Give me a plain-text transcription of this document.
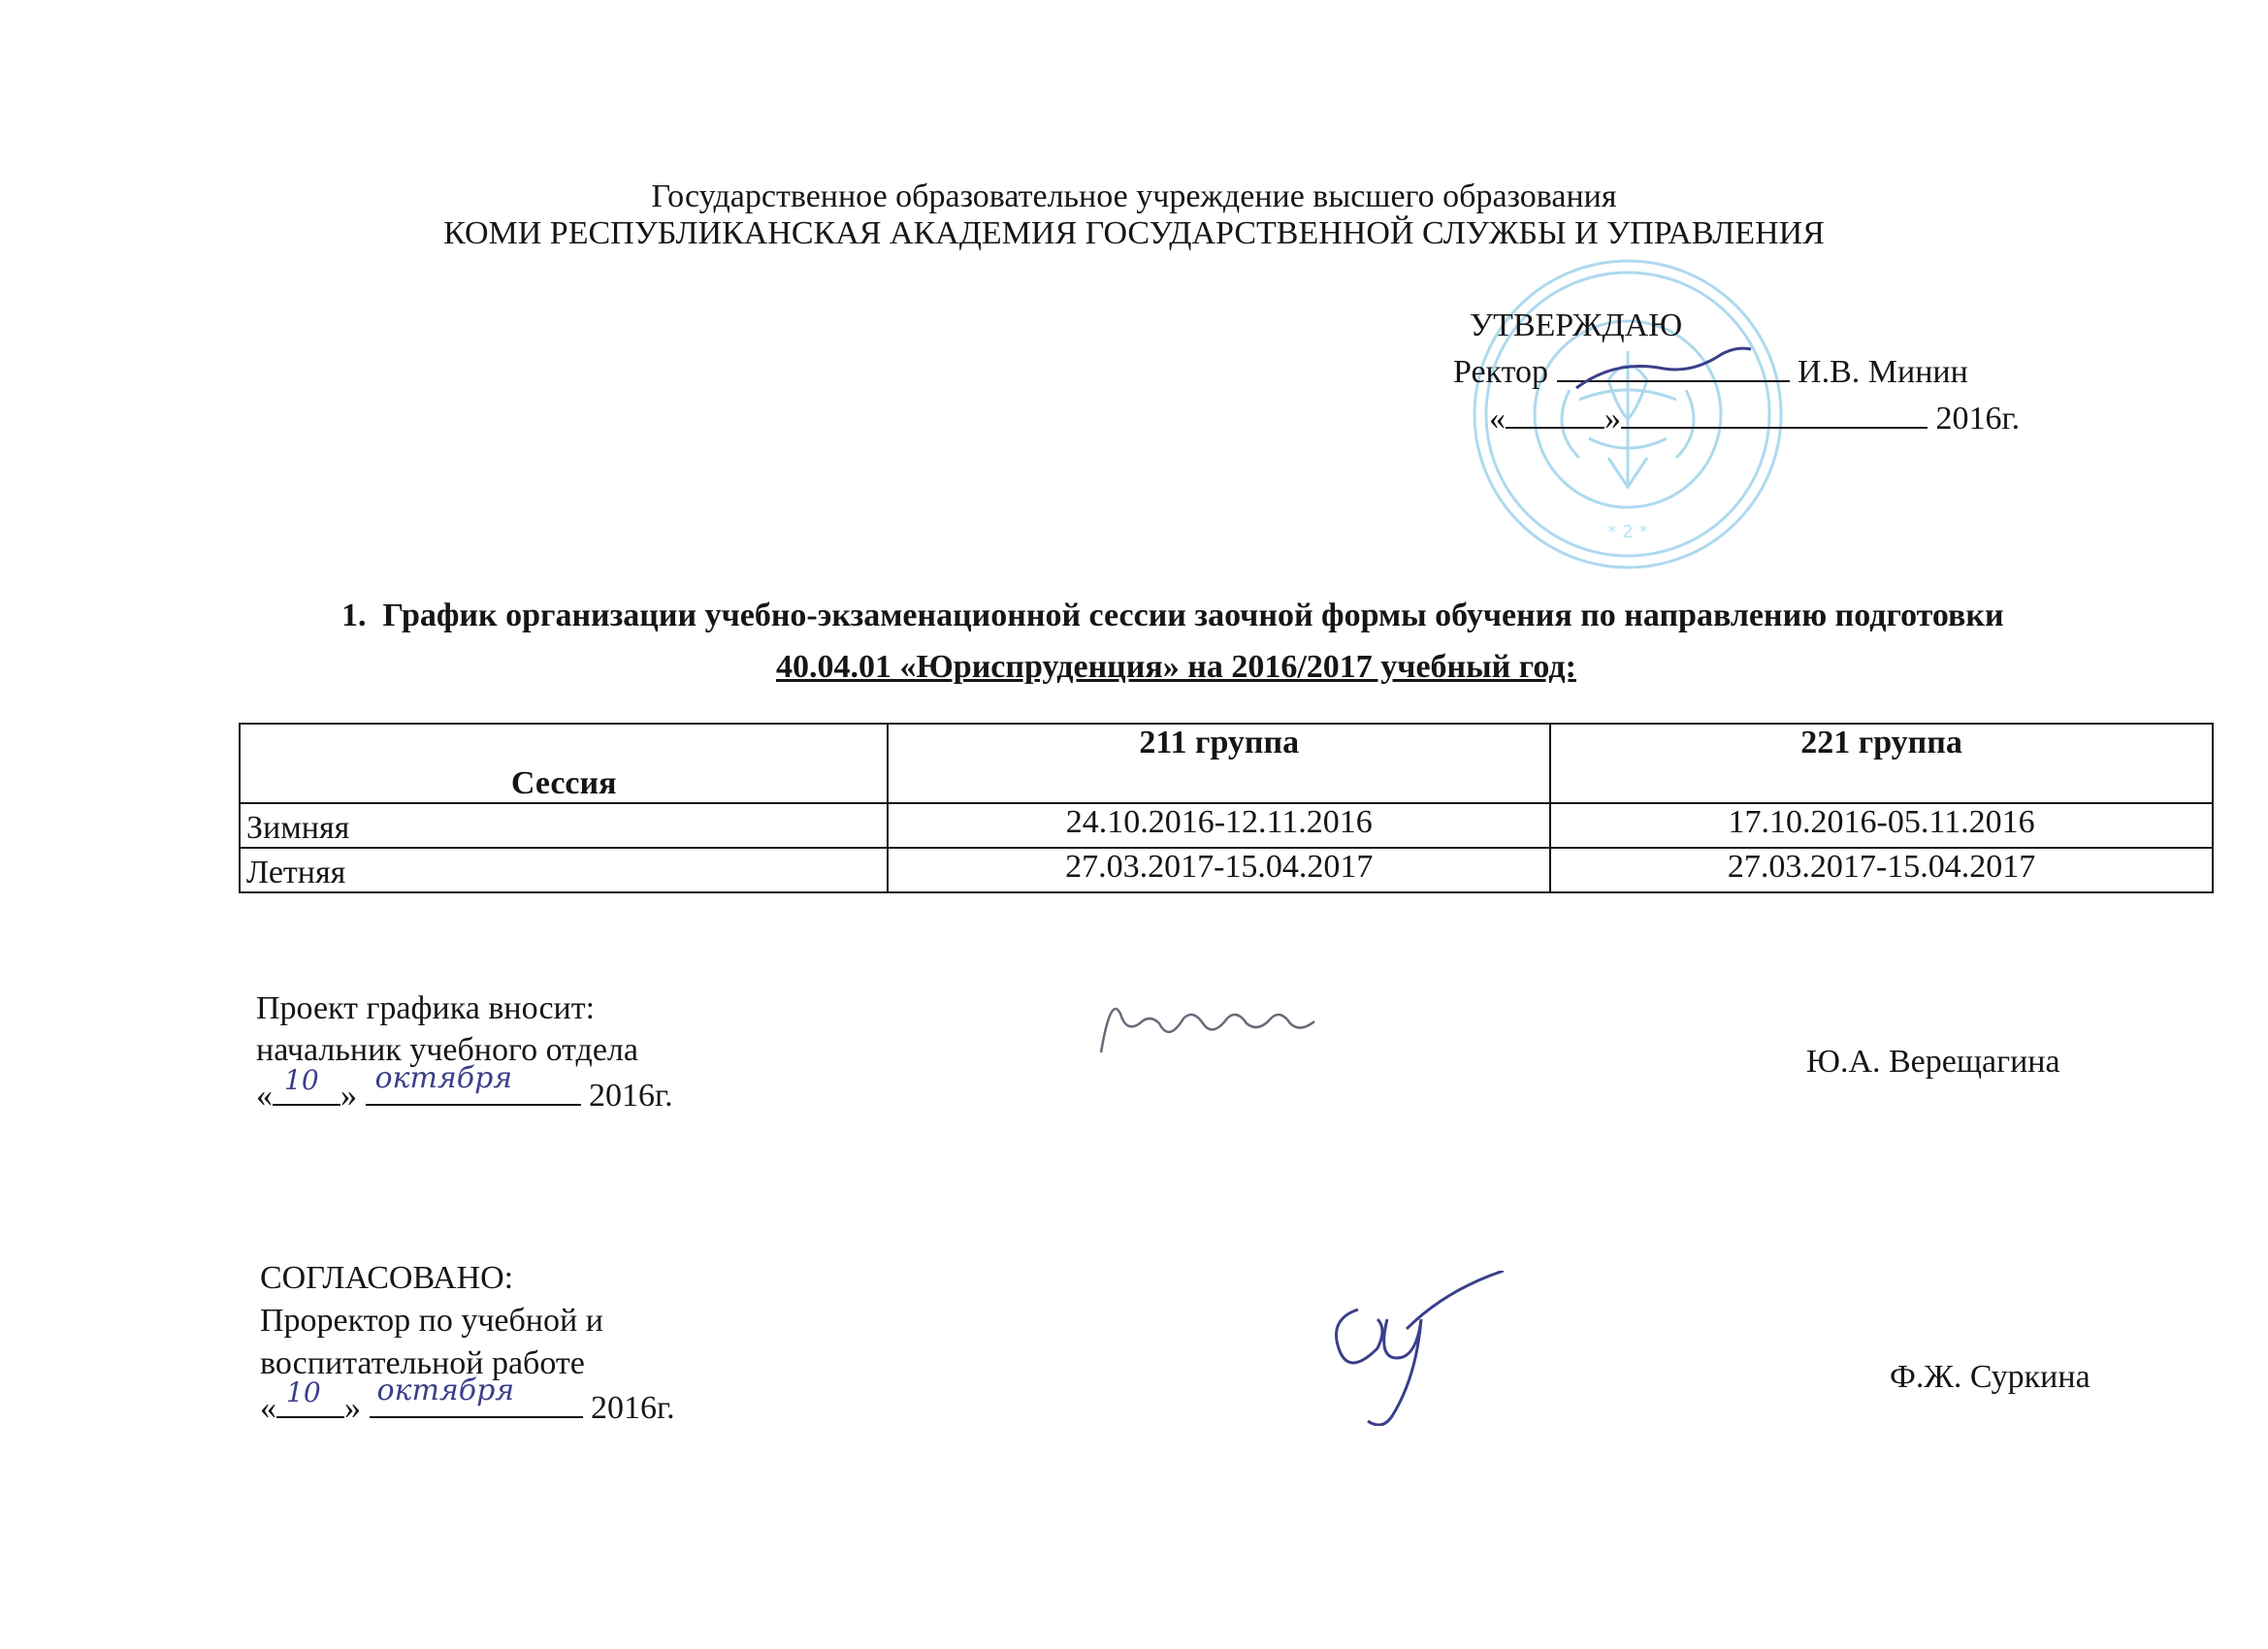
Государственное образовательное учреждение высшего образования
КОМИ РЕСПУБЛИКАНСКАЯ АКАДЕМИЯ ГОСУДАРСТВЕННОЙ СЛУЖБЫ И УПРАВЛЕНИЯ
* 2 *
УТВЕРЖДАЮ
Ректор	И.В. Минин
«	»	2016г.
1. График организации учебно-экзаменационной сессии заочной формы обучения по направлению подготовки
40.04.01 «Юриспруденция» на 2016/2017 учебный год:
Сессия	211 группа	221 группа
Зимняя	24.10.2016-12.11.2016	17.10.2016-05.11.2016
Летняя	27.03.2017-15.04.2017	27.03.2017-15.04.2017
Проект графика вносит:
начальник учебного отдела
« 10 » октября 2016г.
Ю.А. Верещагина
СОГЛАСОВАНО:
Проректор по учебной и
воспитательной работе
« 10 » октября 2016г.
Ф.Ж. Суркина
